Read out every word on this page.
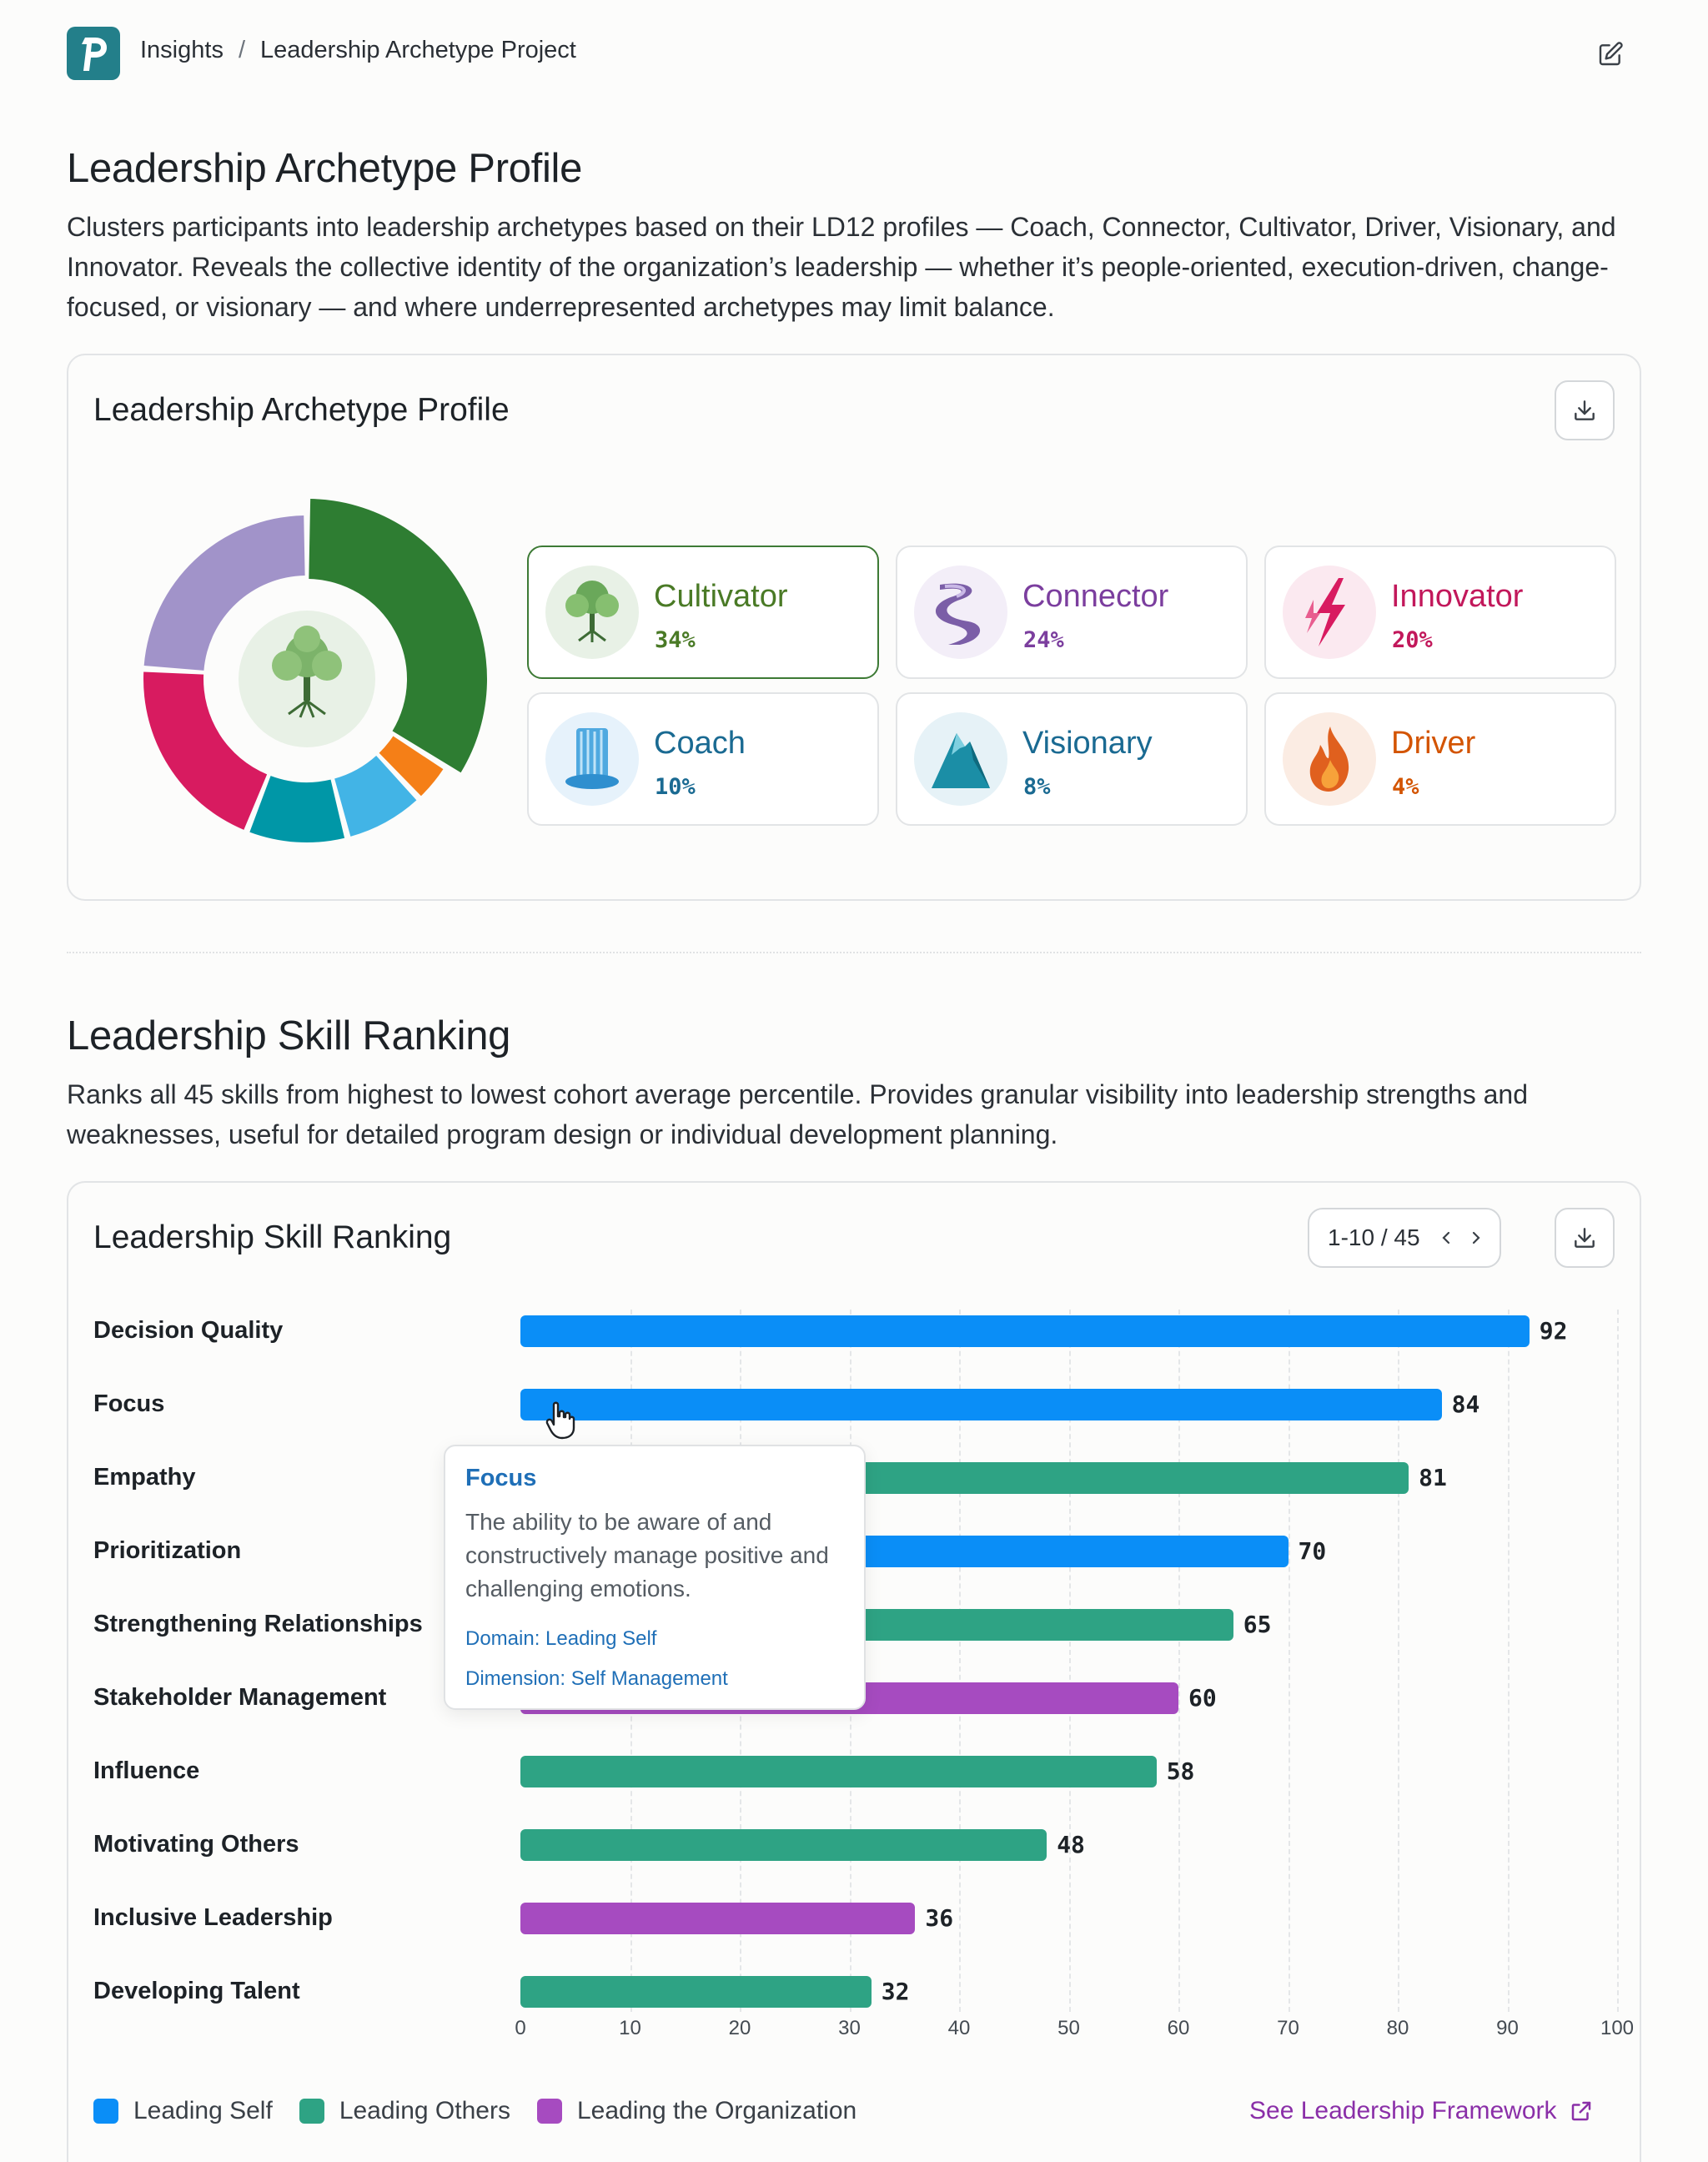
Insights / Leadership Archetype Project
Leadership Archetype Profile

Clusters participants into leadership archetypes based on their LD12 profiles — Coach, Connector, Cultivator, Driver, Visionary, and Innovator. Reveals the collective identity of the organization’s leadership — whether it’s people-oriented, execution-driven, change-focused, or visionary — and where underrepresented archetypes may limit balance.

Leadership Archetype Profile
Cultivator
34%
Connector
24%
Innovator
20%
Coach
10%
Visionary
8%
Driver
4%
Leadership Skill Ranking

Ranks all 45 skills from highest to lowest cohort average percentile. Provides granular visibility into leadership strengths and weaknesses, useful for detailed program design or individual development planning.

Leadership Skill Ranking	1-10 / 45
0	10	20	30	40	50	60	70	80	90	100
Decision Quality	92
Focus	84
Empathy	81
Prioritization	70
Strengthening Relationships	65
Stakeholder Management	60
Influence	58
Motivating Others	48
Inclusive Leadership	36
Developing Talent	32
Focus
The ability to be aware of and constructively manage positive and challenging emotions.
Domain: Leading Self
Dimension: Self Management
Leading Self	Leading Others	Leading the Organization	See Leadership Framework
